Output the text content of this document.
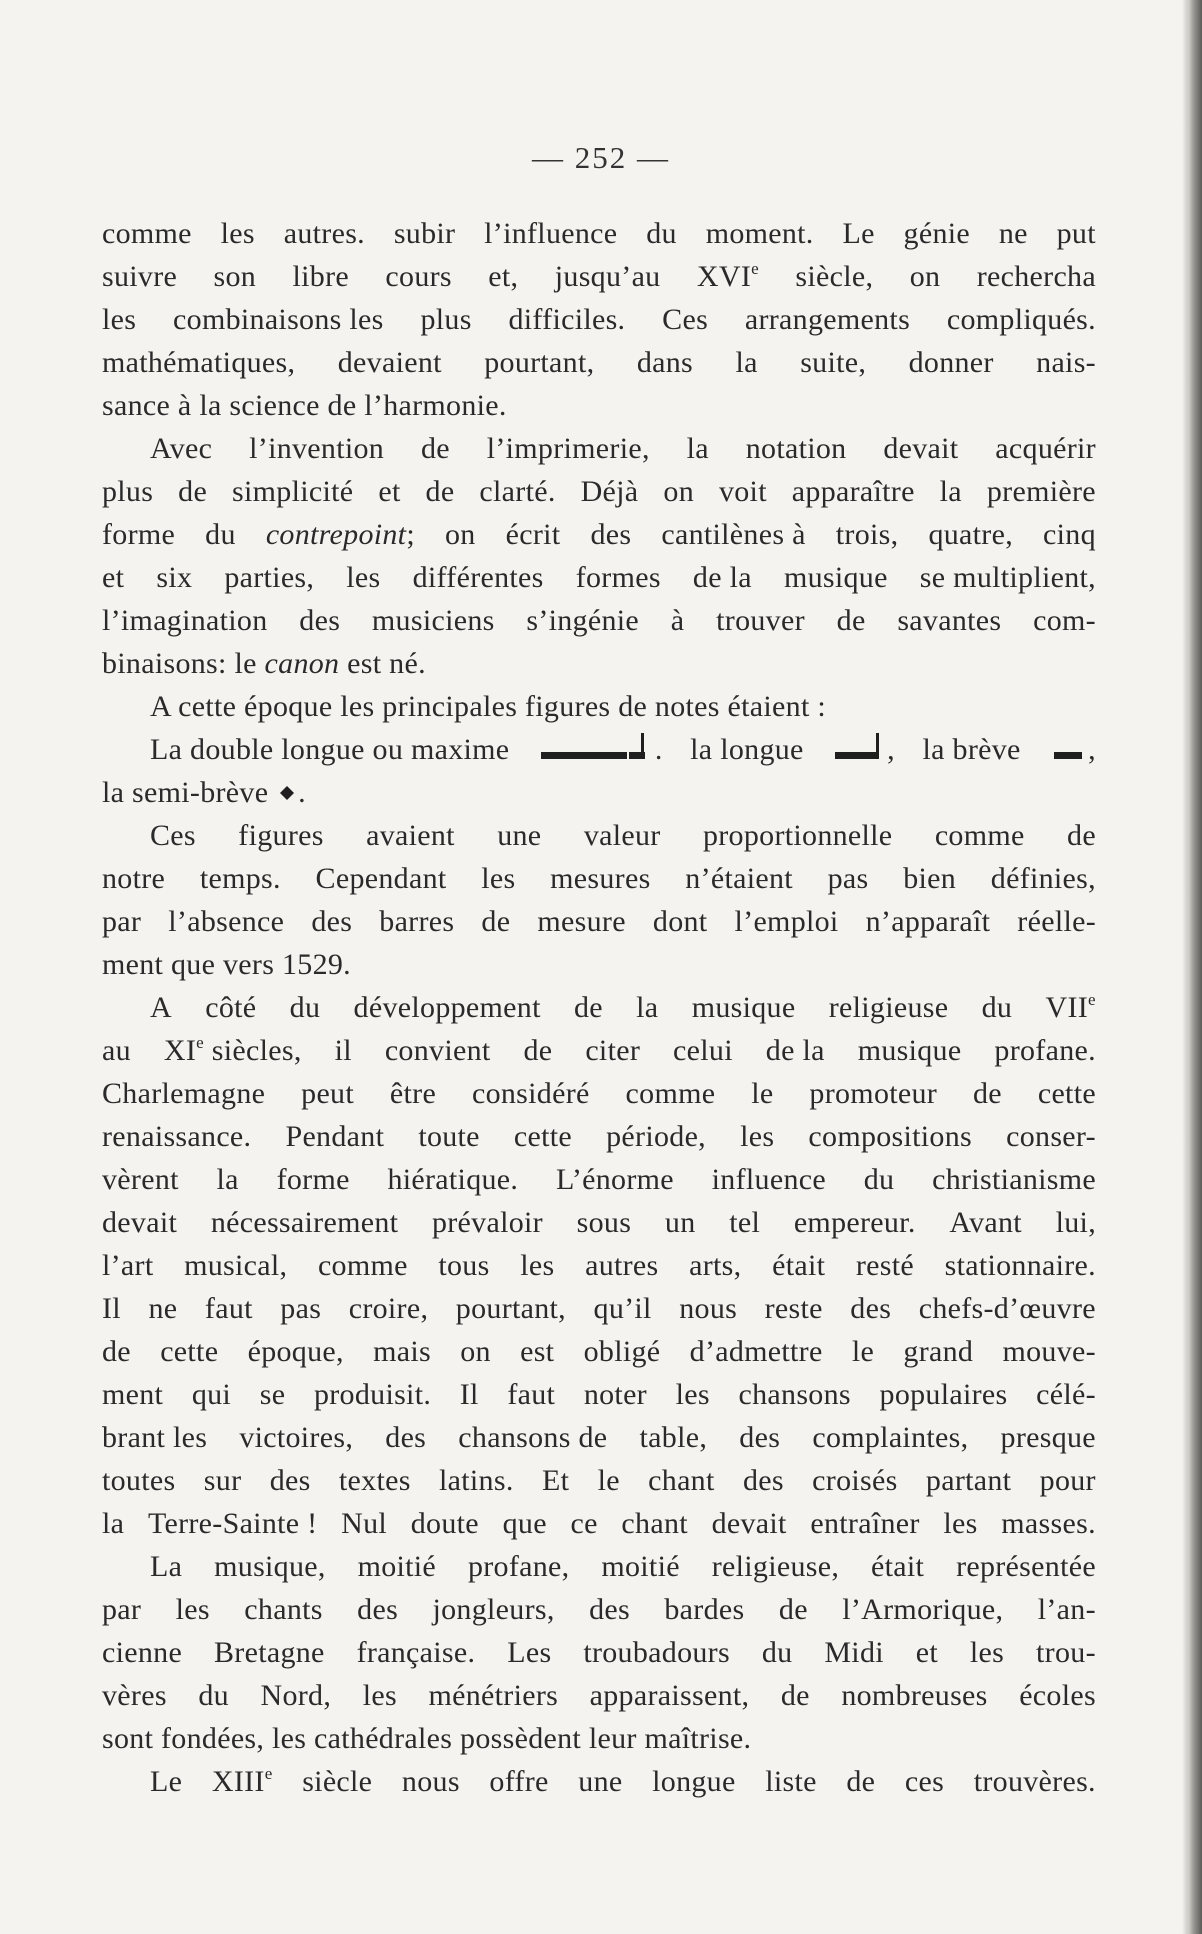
— 252 —
comme les autres. subir l’influence du moment. Le génie ne put
suivre son libre cours et, jusqu’au XVIe siècle, on rechercha
les combinaisons les plus difficiles. Ces arrangements compliqués.
mathématiques, devaient pourtant, dans la suite, donner nais-
sance à la science de l’harmonie.
Avec l’invention de l’imprimerie, la notation devait acquérir
plus de simplicité et de clarté. Déjà on voit apparaître la première
forme du contrepoint; on écrit des cantilènes à trois, quatre, cinq
et six parties, les différentes formes de la musique se multiplient,
l’imagination des musiciens s’ingénie à trouver de savantes com-
binaisons: le canon est né.
A cette époque les principales figures de notes étaient :
La double longue ou maxime	. la longue	, la brève	,
la semi-brève .
Ces figures avaient une valeur proportionnelle comme de
notre temps. Cependant les mesures n’étaient pas bien définies,
par l’absence des barres de mesure dont l’emploi n’apparaît réelle-
ment que vers 1529.
A côté du développement de la musique religieuse du VIIe
au XIe siècles, il convient de citer celui de la musique profane.
Charlemagne peut être considéré comme le promoteur de cette
renaissance. Pendant toute cette période, les compositions conser-
vèrent la forme hiératique. L’énorme influence du christianisme
devait nécessairement prévaloir sous un tel empereur. Avant lui,
l’art musical, comme tous les autres arts, était resté stationnaire.
Il ne faut pas croire, pourtant, qu’il nous reste des chefs-d’œuvre
de cette époque, mais on est obligé d’admettre le grand mouve-
ment qui se produisit. Il faut noter les chansons populaires célé-
brant les victoires, des chansons de table, des complaintes, presque
toutes sur des textes latins. Et le chant des croisés partant pour
la Terre-Sainte ! Nul doute que ce chant devait entraîner les masses.
La musique, moitié profane, moitié religieuse, était représentée
par les chants des jongleurs, des bardes de l’Armorique, l’an-
cienne Bretagne française. Les troubadours du Midi et les trou-
vères du Nord, les ménétriers apparaissent, de nombreuses écoles
sont fondées, les cathédrales possèdent leur maîtrise.
Le XIIIe siècle nous offre une longue liste de ces trouvères.
